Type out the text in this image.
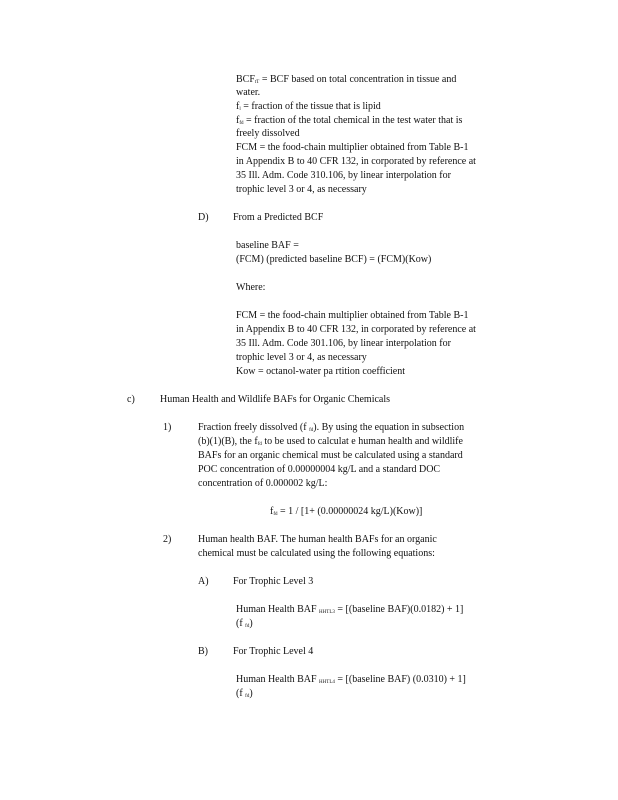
$BCF_{tT}$ = BCF based on total concentration in tissue and
water.
$f_l$ = fraction of the tissue that is lipid
$f_{fd}$ = fraction of the total chemical in the test water that is
freely dissolved
FCM = the food-chain multiplier obtained from Table B-1
in Appendix B to 40 CFR 132, in corporated by reference at
35 Ill. Adm. Code 310.106, by linear interpolation for
trophic level 3 or 4, as necessary
D) From a Predicted BCF
baseline BAF =
(FCM) (predicted baseline BCF) = (FCM)(Kow)
Where:
FCM = the food-chain multiplier obtained from Table B-1
in Appendix B to 40 CFR 132, in corporated by reference at
35 Ill. Adm. Code 301.106, by linear interpolation for
trophic level 3 or 4, as necessary
Kow = octanol-water pa rtition coefficient
c)	Human Health and Wildlife BAFs for Organic Chemicals
1)	Fraction freely dissolved (f $_{fd}$). By using the equation in subsection
(b)(1)(B), the $f_{fd}$ to be used to calculat e human health and wildlife
BAFs for an organic chemical must be calculated using a standard
POC concentration of 0.00000004 kg/L and a standard DOC
concentration of 0.000002 kg/L:
$f_{fd} = 1 / [1+ (0.00000024$ kg/L)(Kow)]
2)	Human health BAF. The human health BAFs for an organic
chemical must be calculated using the following equations:
A) For Trophic Level 3
Human Health BAF $_{HHTL3}$ = [(baseline BAF)(0.0182) + 1]
(f $_{fd}$)
B)	For Trophic Level 4
Human Health BAF $_{HHTL4}$ = [(baseline BAF) (0.0310) + 1]
(f $_{fd}$)
